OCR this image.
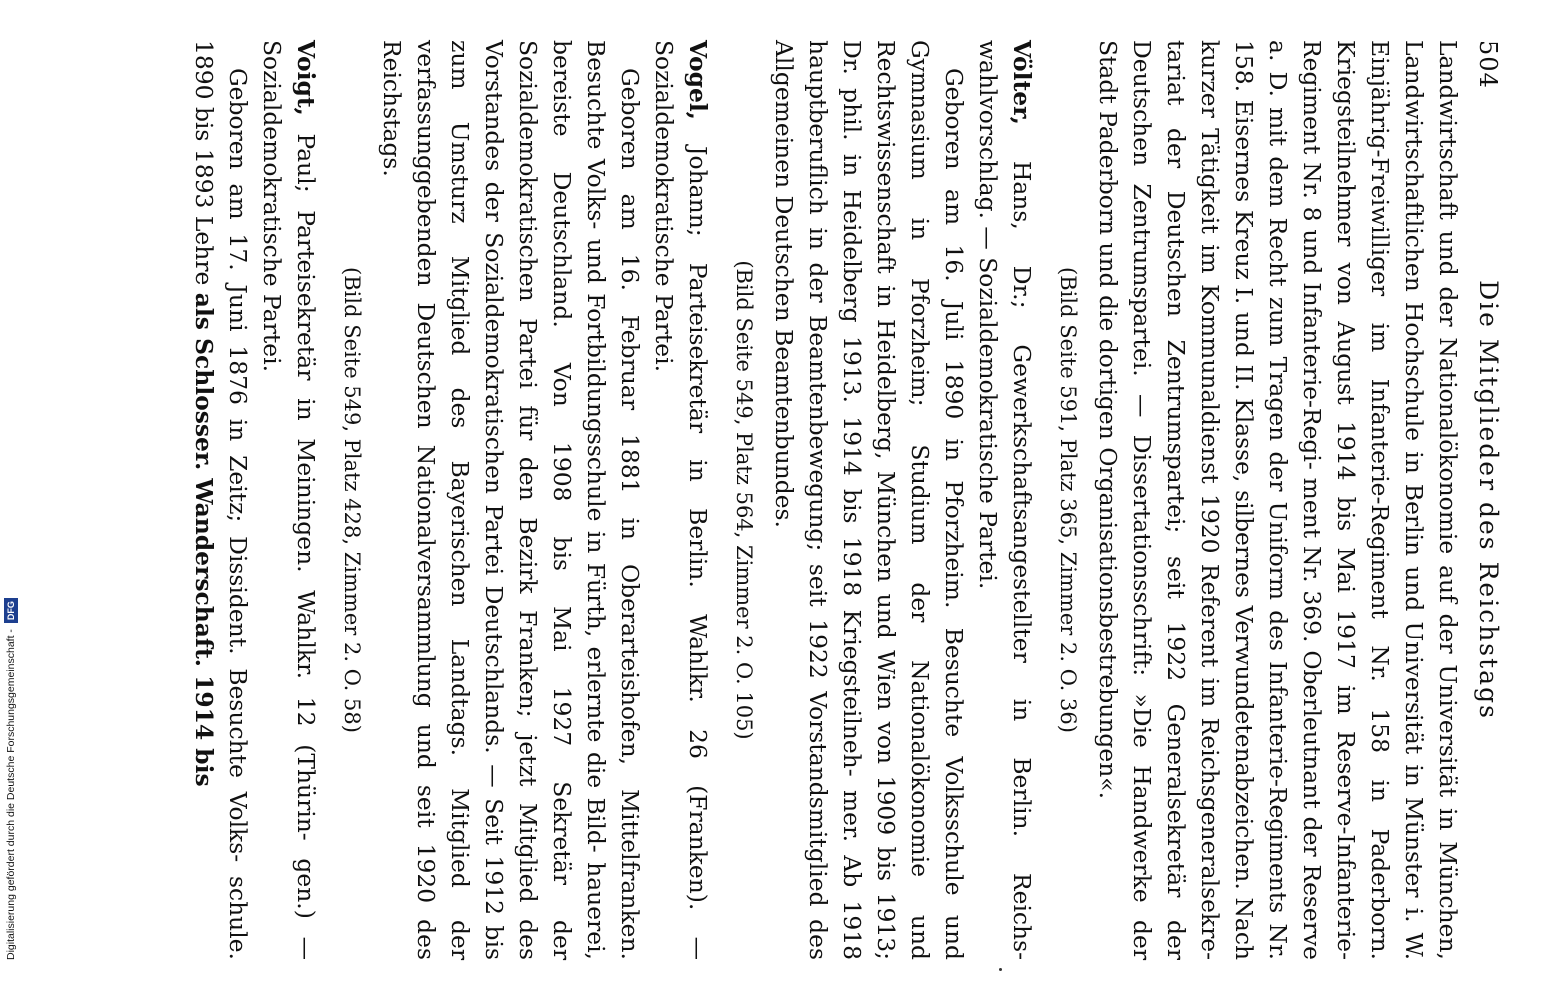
504
Die Mitglieder des Reichstags

Landwirtschaft und der Nationalökonomie auf der Universität in München, Landwirtschaftlichen Hochschule in Berlin und Universität in Münster i. W. Einjährig-Freiwilliger im Infanterie-Regiment Nr. 158 in Paderborn. Kriegsteilnehmer von August 1914 bis Mai 1917 im Reserve-Infanterie-Regiment Nr. 8 und Infanterie-Regi- ment Nr. 369. Oberleutnant der Reserve a. D. mit dem Recht zum Tragen der Uniform des Infanterie-Regiments Nr. 158. Eisernes Kreuz I. und II. Klasse, silbernes Verwundetenabzeichen. Nach kurzer Tätigkeit im Kommunaldienst 1920 Referent im Reichsgeneralsekre- tariat der Deutschen Zentrumspartei; seit 1922 Generalsekretär der Deutschen Zentrumspartei. — Dissertationsschrift: »Die Handwerke der Stadt Paderborn und die dortigen Organisationsbestrebungen«.

(Bild Seite 591, Platz 365, Zimmer 2. O. 36)

Völter, Hans, Dr.; Gewerkschaftsangestellter in Berlin. Reichs- wahlvorschlag. — Sozialdemokratische Partei.

Geboren am 16. Juli 1890 in Pforzheim. Besuchte Volksschule und Gymnasium in Pforzheim; Studium der Nationalökonomie und Rechtswissenschaft in Heidelberg, München und Wien von 1909 bis 1913; Dr. phil. in Heidelberg 1913. 1914 bis 1918 Kriegsteilneh- mer. Ab 1918 hauptberuflich in der Beamtenbewegung; seit 1922 Vorstandsmitglied des Allgemeinen Deutschen Beamtenbundes.

(Bild Seite 549, Platz 564, Zimmer 2. O. 105)

Vogel, Johann; Parteisekretär in Berlin. Wahlkr. 26 (Franken). — Sozialdemokratische Partei.

Geboren am 16. Februar 1881 in Oberarteishofen, Mittelfranken. Besuchte Volks- und Fortbildungsschule in Fürth, erlernte die Bild- hauerei, bereiste Deutschland. Von 1908 bis Mai 1927 Sekretär der Sozialdemokratischen Partei für den Bezirk Franken; jetzt Mitglied des Vorstandes der Sozialdemokratischen Partei Deutschlands. — Seit 1912 bis zum Umsturz Mitglied des Bayerischen Landtags. Mitglied der verfassunggebenden Deutschen Nationalversammlung und seit 1920 des Reichstags.

(Bild Seite 549, Platz 428, Zimmer 2. O. 58)

Voigt, Paul; Parteisekretär in Meiningen. Wahlkr. 12 (Thürin- gen.) — Sozialdemokratische Partei.

Geboren am 17. Juni 1876 in Zeitz; Dissident. Besuchte Volks- schule. 1890 bis 1893 Lehre als Schlosser. Wanderschaft. 1914 bis

Digitalisierung gefördert durch die Deutsche Forschungsgemeinschaft -
DFG
